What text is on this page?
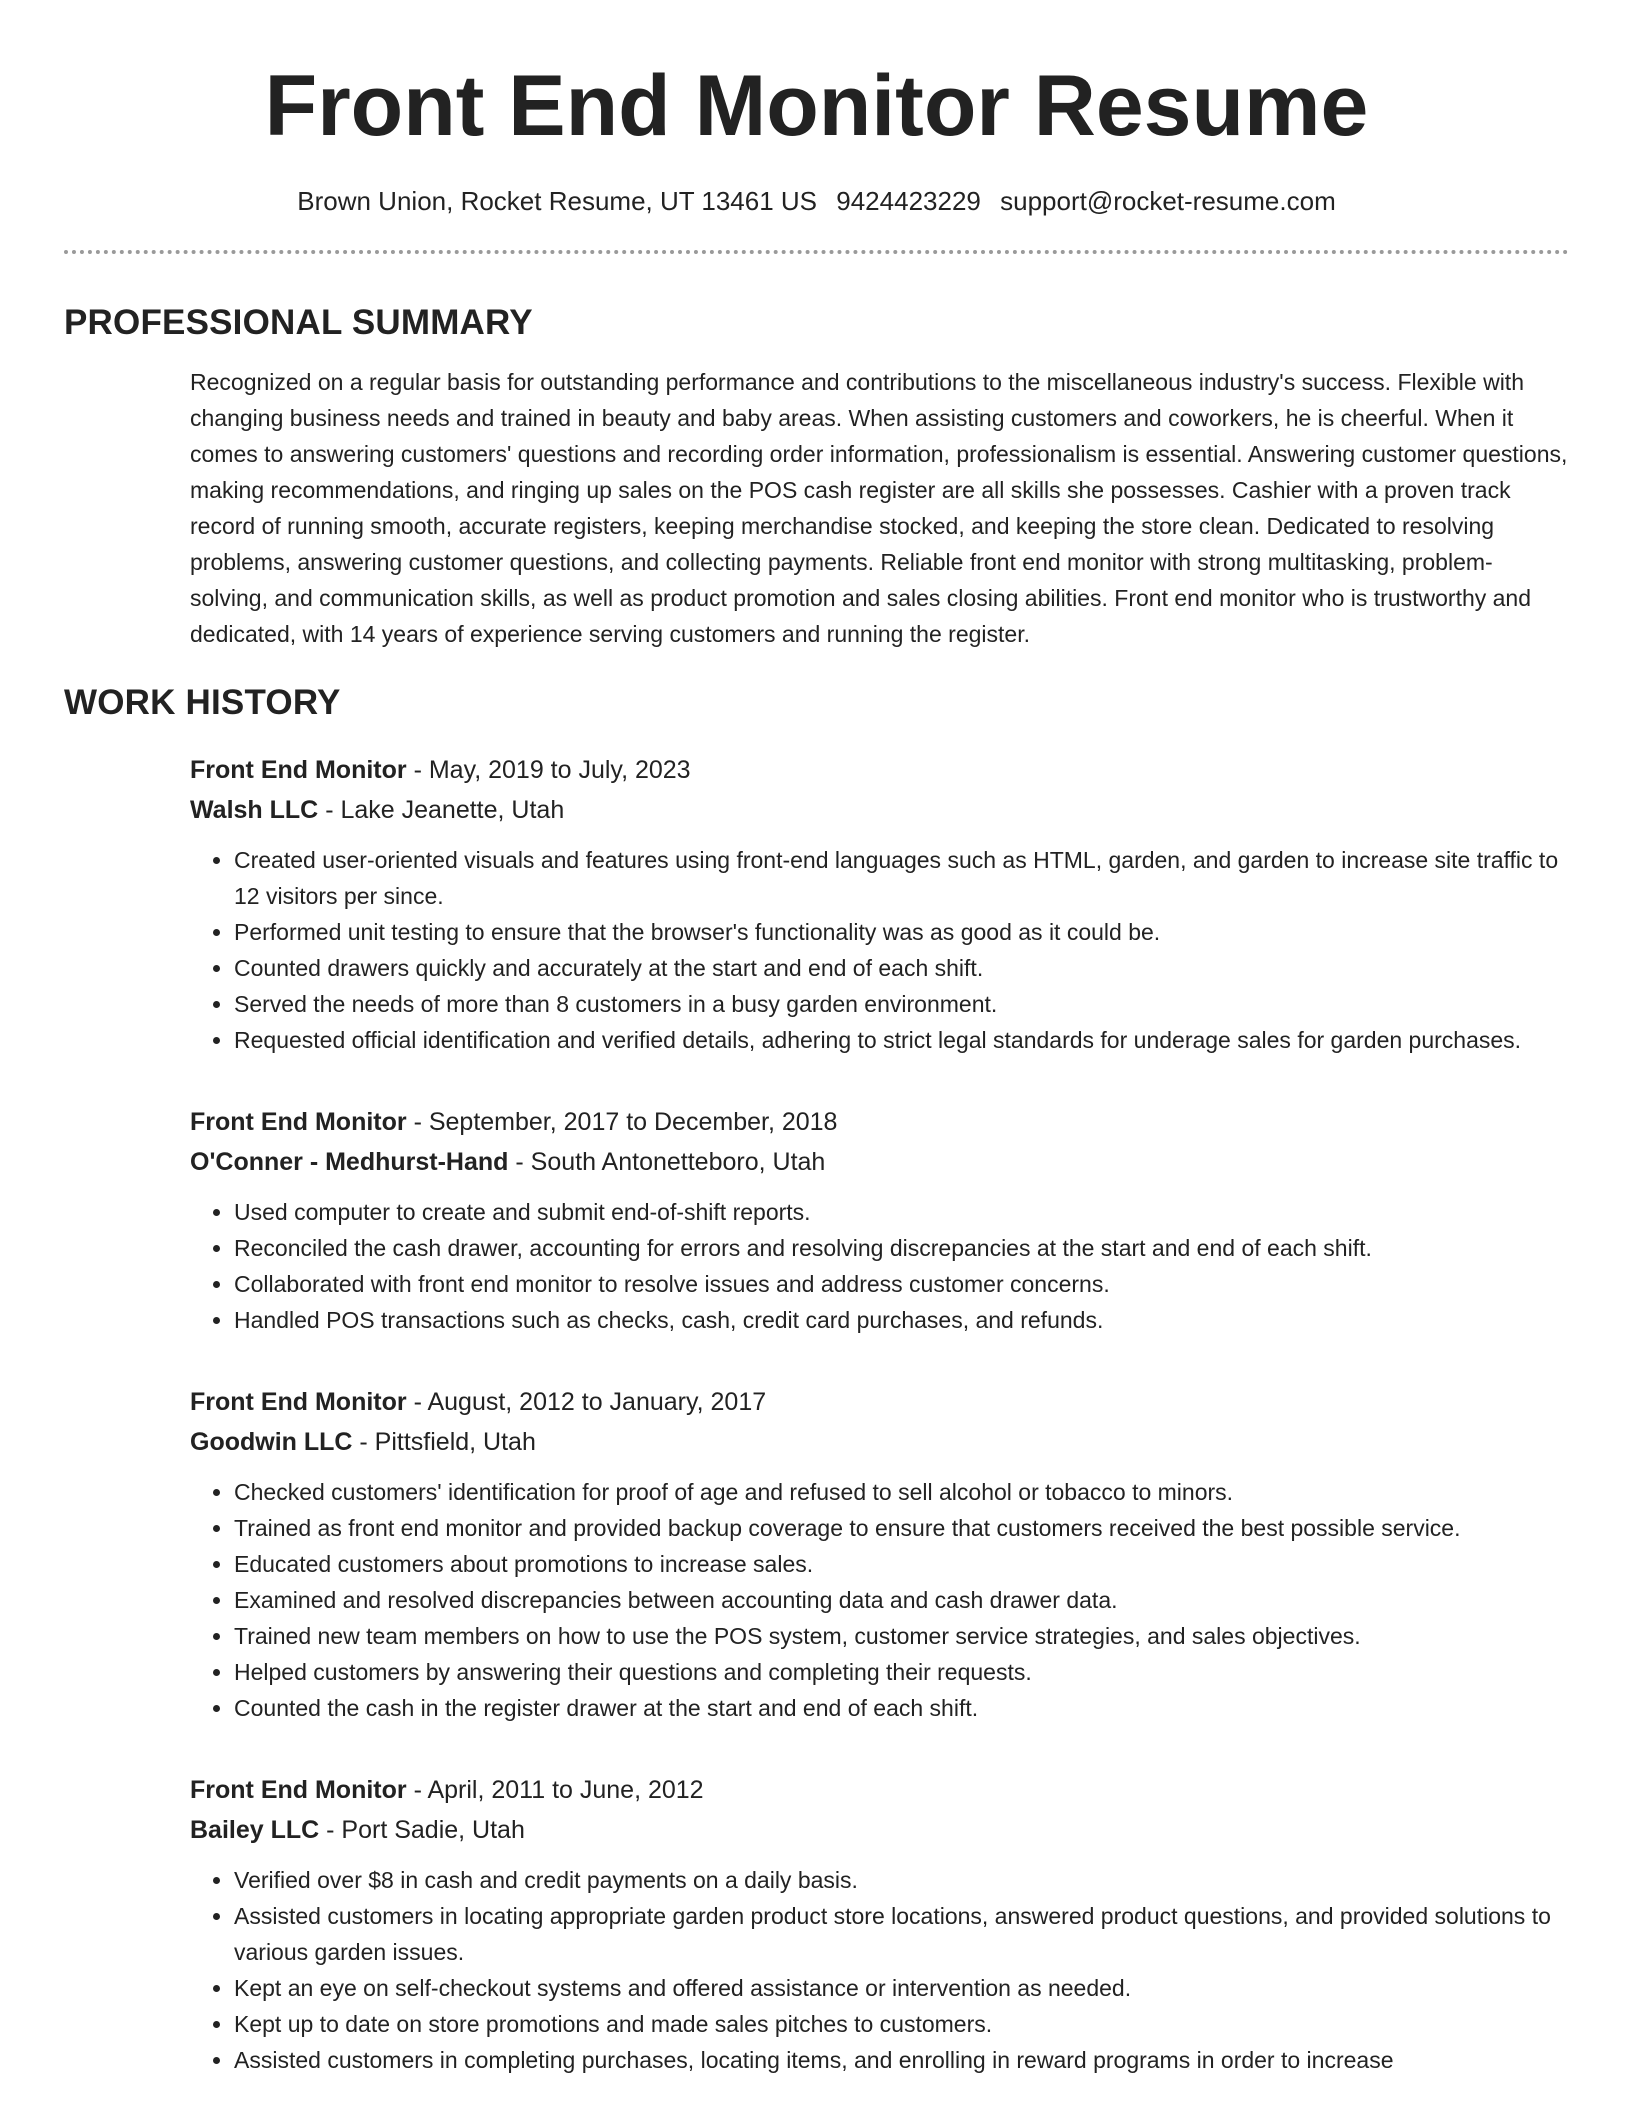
Front End Monitor Resume
Brown Union, Rocket Resume, UT 13461 US 9424423229 support@rocket-resume.com
PROFESSIONAL SUMMARY

Recognized on a regular basis for outstanding performance and contributions to the miscellaneous industry's success. Flexible with changing business needs and trained in beauty and baby areas. When assisting customers and coworkers, he is cheerful. When it comes to answering customers' questions and recording order information, professionalism is essential. Answering customer questions, making recommendations, and ringing up sales on the POS cash register are all skills she possesses. Cashier with a proven track record of running smooth, accurate registers, keeping merchandise stocked, and keeping the store clean. Dedicated to resolving problems, answering customer questions, and collecting payments. Reliable front end monitor with strong multitasking, problem-solving, and communication skills, as well as product promotion and sales closing abilities. Front end monitor who is trustworthy and dedicated, with 14 years of experience serving customers and running the register.

WORK HISTORY
Front End Monitor - May, 2019 to July, 2023
Walsh LLC - Lake Jeanette, Utah
• Created user-oriented visuals and features using front-end languages such as HTML, garden, and garden to increase site traffic to 12 visitors per since.
• Performed unit testing to ensure that the browser's functionality was as good as it could be.
• Counted drawers quickly and accurately at the start and end of each shift.
• Served the needs of more than 8 customers in a busy garden environment.
• Requested official identification and verified details, adhering to strict legal standards for underage sales for garden purchases.
Front End Monitor - September, 2017 to December, 2018
O'Conner - Medhurst-Hand - South Antonetteboro, Utah
• Used computer to create and submit end-of-shift reports.
• Reconciled the cash drawer, accounting for errors and resolving discrepancies at the start and end of each shift.
• Collaborated with front end monitor to resolve issues and address customer concerns.
• Handled POS transactions such as checks, cash, credit card purchases, and refunds.
Front End Monitor - August, 2012 to January, 2017
Goodwin LLC - Pittsfield, Utah
• Checked customers' identification for proof of age and refused to sell alcohol or tobacco to minors.
• Trained as front end monitor and provided backup coverage to ensure that customers received the best possible service.
• Educated customers about promotions to increase sales.
• Examined and resolved discrepancies between accounting data and cash drawer data.
• Trained new team members on how to use the POS system, customer service strategies, and sales objectives.
• Helped customers by answering their questions and completing their requests.
• Counted the cash in the register drawer at the start and end of each shift.
Front End Monitor - April, 2011 to June, 2012
Bailey LLC - Port Sadie, Utah
• Verified over $8 in cash and credit payments on a daily basis.
• Assisted customers in locating appropriate garden product store locations, answered product questions, and provided solutions to various garden issues.
• Kept an eye on self-checkout systems and offered assistance or intervention as needed.
• Kept up to date on store promotions and made sales pitches to customers.
• Assisted customers in completing purchases, locating items, and enrolling in reward programs in order to increase
